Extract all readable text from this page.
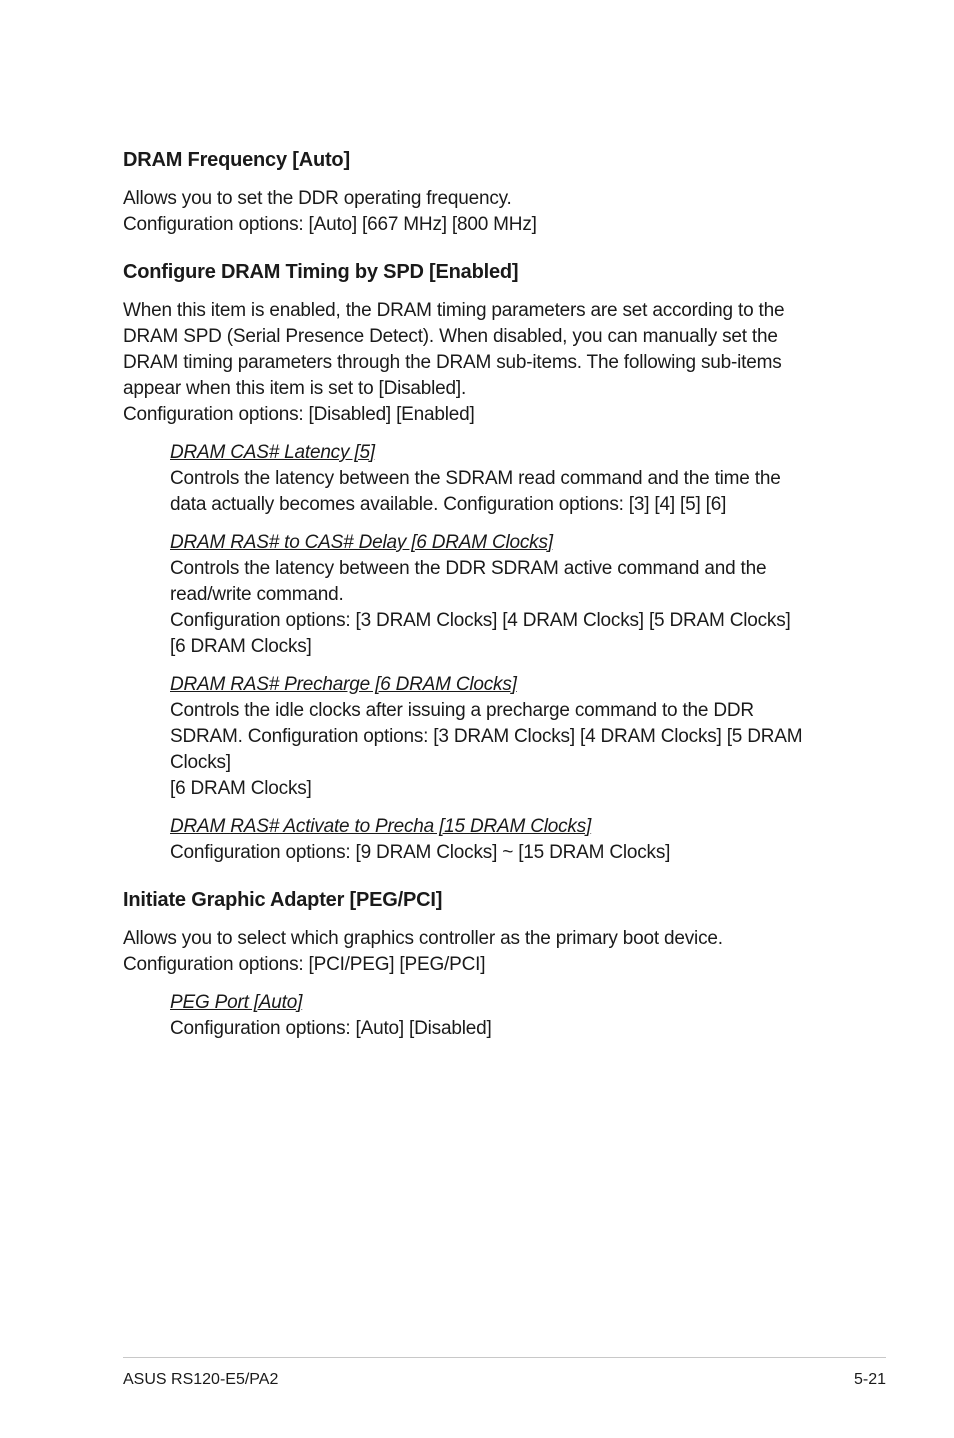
DRAM Frequency [Auto]

Allows you to set the DDR operating frequency.

Configuration options: [Auto] [667 MHz] [800 MHz]

Configure DRAM Timing by SPD [Enabled]

When this item is enabled, the DRAM timing parameters are set according to the

DRAM SPD (Serial Presence Detect). When disabled, you can manually set the

DRAM timing parameters through the DRAM sub-items. The following sub-items

appear when this item is set to [Disabled].

Configuration options: [Disabled] [Enabled]

DRAM CAS# Latency [5]

Controls the latency between the SDRAM read command and the time the

data actually becomes available. Configuration options: [3] [4] [5] [6]

DRAM RAS# to CAS# Delay [6 DRAM Clocks]

Controls the latency between the DDR SDRAM active command and the

read/write command.

Configuration options: [3 DRAM Clocks] [4 DRAM Clocks] [5 DRAM Clocks]

[6 DRAM Clocks]

DRAM RAS# Precharge [6 DRAM Clocks]

Controls the idle clocks after issuing a precharge command to the DDR

SDRAM. Configuration options: [3 DRAM Clocks] [4 DRAM Clocks] [5 DRAM

Clocks]

[6 DRAM Clocks]

DRAM RAS# Activate to Precha [15 DRAM Clocks]

Configuration options: [9 DRAM Clocks] ~ [15 DRAM Clocks]

Initiate Graphic Adapter [PEG/PCI]

Allows you to select which graphics controller as the primary boot device.

Configuration options: [PCI/PEG] [PEG/PCI]

PEG Port [Auto]

Configuration options: [Auto] [Disabled]

ASUS RS120-E5/PA2	5-21
